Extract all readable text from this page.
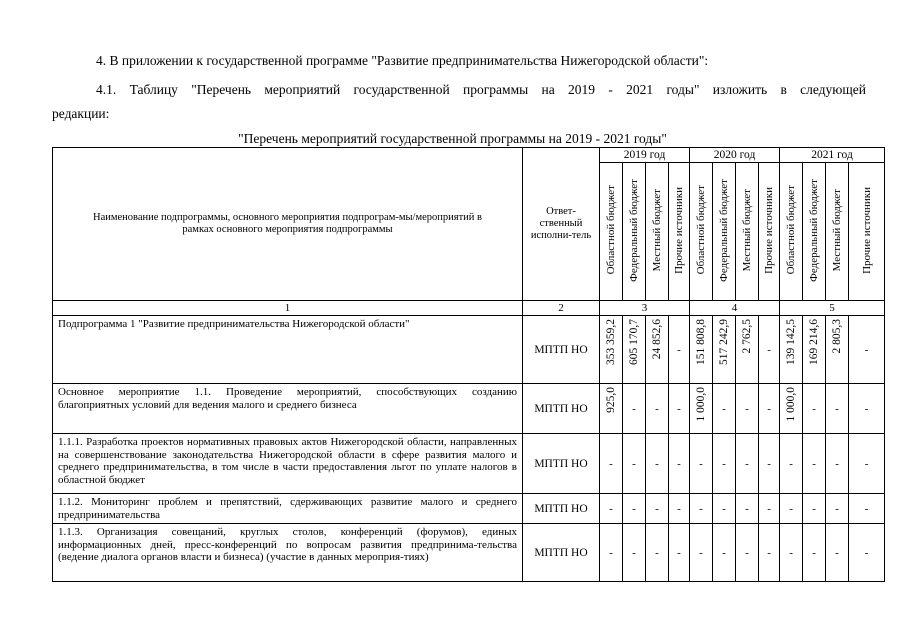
4. В приложении к государственной программе "Развитие предпринимательства Нижегородской области":

4.1. Таблицу "Перечень мероприятий государственной программы на 2019 - 2021 годы" изложить в следующей

редакции:

"Перечень мероприятий государственной программы на 2019 - 2021 годы"

Наименование подпрограммы, основного мероприятия подпрограм-мы/мероприятий в рамках основного мероприятия подпрограммы	Ответ-ственный исполни-тель	2019 год				2020 год				2021 год			
		Областной бюджет	Федеральный бюджет	Местный бюджет	Прочие источники	Областной бюджет	Федеральный бюджет	Местный бюджет	Прочие источники	Областной бюджет	Федеральный бюджет	Местный бюджет	Прочие источники
1	2	3				4				5			
Подпрограмма 1 "Развитие предпринимательства Нижегородской области"	МПТП НО	353 359,2	605 170,7	24 852,6	-	151 808,8	517 242,9	2 762,5	-	139 142,5	169 214,6	2 805,3	-
Основное мероприятие 1.1. Проведение мероприятий, способствующих созданию благоприятных условий для ведения малого и среднего бизнеса	МПТП НО	925,0	-	-	-	1 000,0	-	-	-	1 000,0	-	-	-
1.1.1. Разработка проектов нормативных правовых актов Нижегородской области, направленных на совершенствование законодательства Нижегородской области в сфере развития малого и среднего предпринимательства, в том числе в части предоставления льгот по уплате налогов в областной бюджет	МПТП НО	-	-	-	-	-	-	-	-	-	-	-	-
1.1.2. Мониторинг проблем и препятствий, сдерживающих развитие малого и среднего предпринимательства	МПТП НО	-	-	-	-	-	-	-	-	-	-	-	-
1.1.3. Организация совещаний, круглых столов, конференций (форумов), единых информационных дней, пресс-конференций по вопросам развития предпринима-тельства (ведение диалога органов власти и бизнеса) (участие в данных мероприя-тиях)	МПТП НО	-	-	-	-	-	-	-	-	-	-	-	-
